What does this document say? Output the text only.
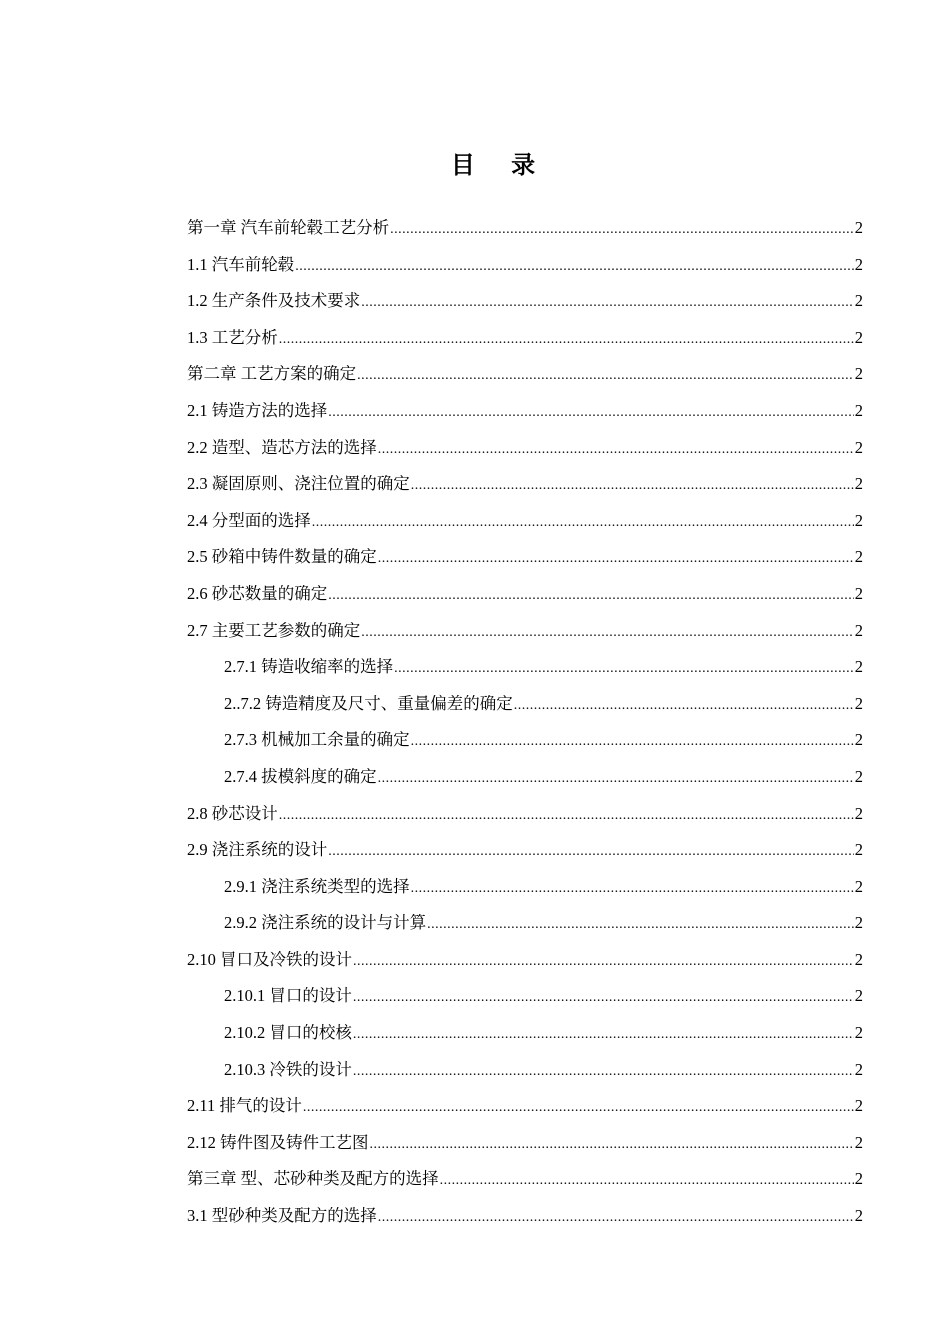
目 录
第一章 汽车前轮毂工艺分析 .....	2
1.1 汽车前轮毂 .....	2
1.2 生产条件及技术要求 .....	2
1.3 工艺分析 .....	2
第二章 工艺方案的确定 .....	2
2.1 铸造方法的选择 .....	2
2.2 造型、造芯方法的选择 .....	2
2.3 凝固原则、浇注位置的确定 .....	2
2.4 分型面的选择 .....	2
2.5 砂箱中铸件数量的确定 .....	2
2.6 砂芯数量的确定 .....	2
2.7 主要工艺参数的确定 .....	2
2.7.1 铸造收缩率的选择 .....	2
2..7.2 铸造精度及尺寸、重量偏差的确定 .....	2
2.7.3 机械加工余量的确定 .....	2
2.7.4 拔模斜度的确定 .....	2
2.8 砂芯设计 .....	2
2.9 浇注系统的设计 .....	2
2.9.1 浇注系统类型的选择 .....	2
2.9.2 浇注系统的设计与计算 .....	2
2.10 冒口及冷铁的设计 .....	2
2.10.1 冒口的设计 .....	2
2.10.2 冒口的校核 .....	2
2.10.3 冷铁的设计 .....	2
2.11 排气的设计 .....	2
2.12 铸件图及铸件工艺图 .....	2
第三章 型、芯砂种类及配方的选择 .....	2
3.1 型砂种类及配方的选择 .....	2
